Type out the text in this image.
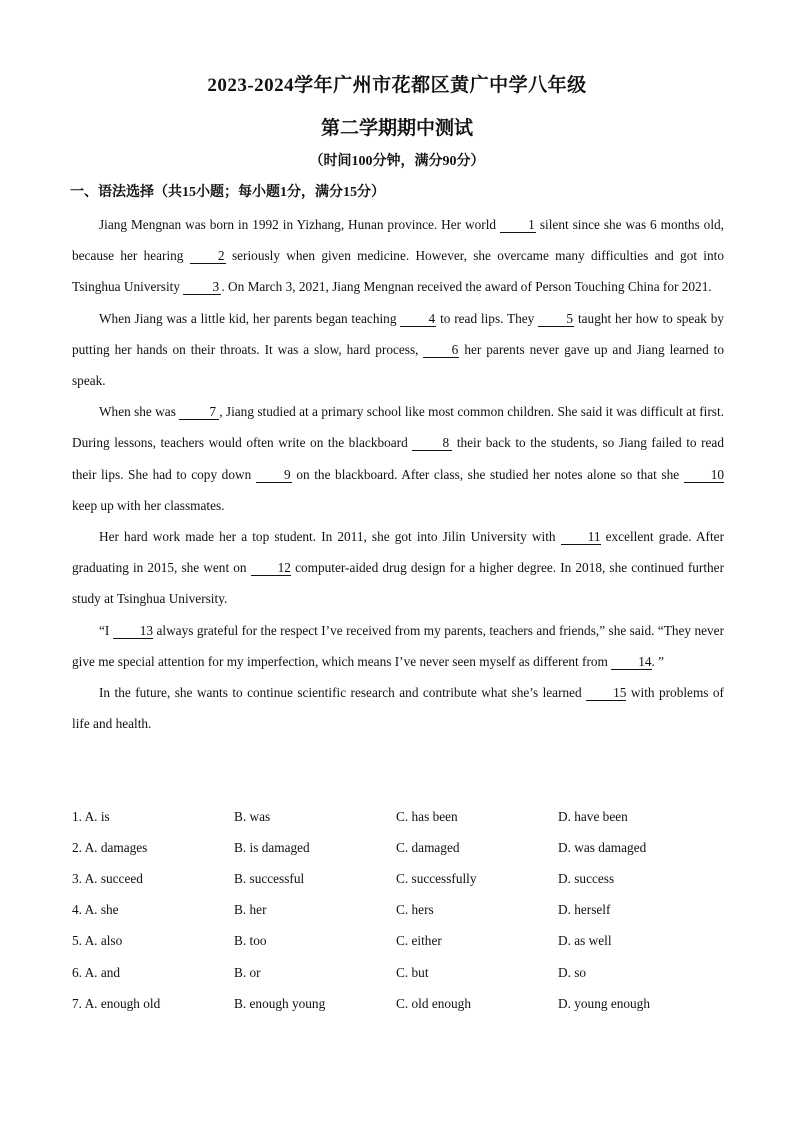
2023-2024学年广州市花都区黄广中学八年级
第二学期期中测试
（时间100分钟，满分90分）
一、语法选择（共15小题；每小题1分，满分15分）

Jiang Mengnan was born in 1992 in Yizhang, Hunan province. Her world 1 silent since she was 6 months old, because her hearing 2 seriously when given medicine. However, she overcame many difficulties and got into Tsinghua University 3 . On March 3, 2021, Jiang Mengnan received the award of Person Touching China for 2021.

When Jiang was a little kid, her parents began teaching 4 to read lips. They 5 taught her how to speak by putting her hands on their throats. It was a slow, hard process, 6 her parents never gave up and Jiang learned to speak.

When she was 7 , Jiang studied at a primary school like most common children. She said it was difficult at first. During lessons, teachers would often write on the blackboard 8 their back to the students, so Jiang failed to read their lips. She had to copy down 9 on the blackboard. After class, she studied her notes alone so that she 10 keep up with her classmates.

Her hard work made her a top student. In 2011, she got into Jilin University with 11 excellent grade. After graduating in 2015, she went on 12 computer-aided drug design for a higher degree. In 2018, she continued further study at Tsinghua University.

“I 13 always grateful for the respect I’ve received from my parents, teachers and friends,” she said. “They never give me special attention for my imperfection, which means I’ve never seen myself as different from 14. ”

In the future, she wants to continue scientific research and contribute what she’s learned 15 with problems of life and health.

1. A. is	B. was	C. has been	D. have been
2. A. damages	B. is damaged	C. damaged	D. was damaged
3. A. succeed	B. successful	C. successfully	D. success
4. A. she	B. her	C. hers	D. herself
5. A. also	B. too	C. either	D. as well
6. A. and	B. or	C. but	D. so
7. A. enough old	B. enough young	C. old enough	D. young enough
